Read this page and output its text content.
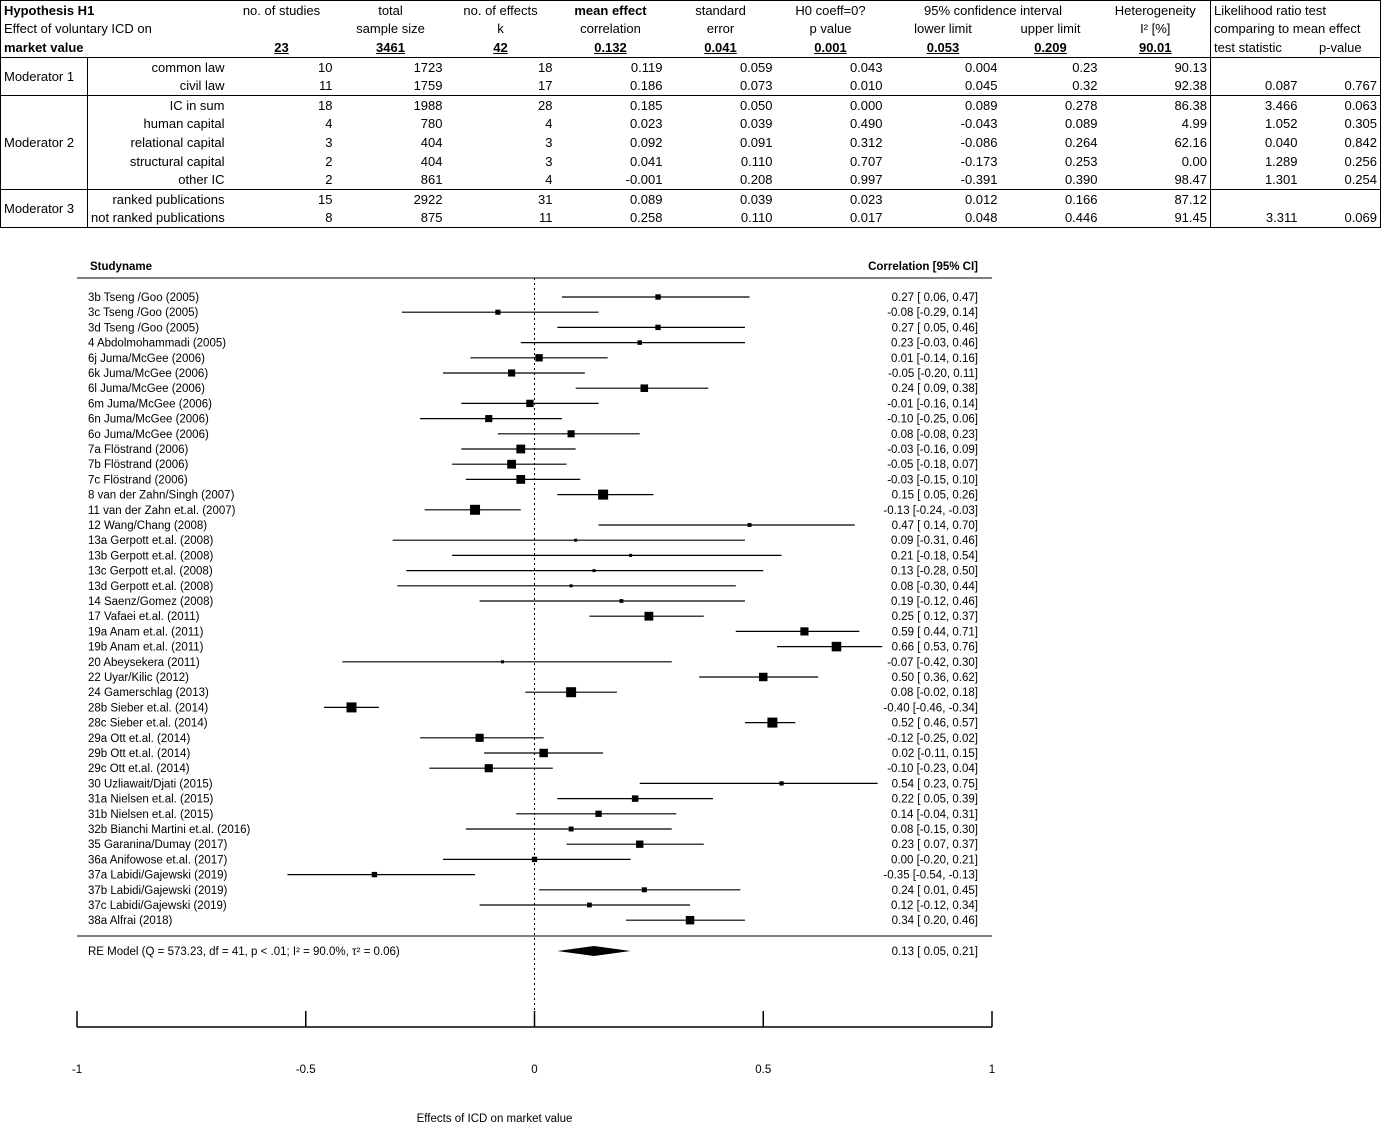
Hypothesis H1		no. of studies	total	no. of effects	mean effect	standard	H0 coeff=0?	95% confidence interval		Heterogeneity	Likelihood ratio test	
Effect of voluntary ICD on			sample size	k	correlation	error	p value	lower limit	upper limit	I² [%]	comparing to mean effect	
market value		23	3461	42	0.132	0.041	0.001	0.053	0.209	90.01	test statistic	p-value
Moderator 1	common law	10	1723	18	0.119	0.059	0.043	0.004	0.23	90.13		
	civil law	11	1759	17	0.186	0.073	0.010	0.045	0.32	92.38	0.087	0.767
Moderator 2	IC in sum	18	1988	28	0.185	0.050	0.000	0.089	0.278	86.38	3.466	0.063
	human capital	4	780	4	0.023	0.039	0.490	-0.043	0.089	4.99	1.052	0.305
	relational capital	3	404	3	0.092	0.091	0.312	-0.086	0.264	62.16	0.040	0.842
	structural capital	2	404	3	0.041	0.110	0.707	-0.173	0.253	0.00	1.289	0.256
	other IC	2	861	4	-0.001	0.208	0.997	-0.391	0.390	98.47	1.301	0.254
Moderator 3	ranked publications	15	2922	31	0.089	0.039	0.023	0.012	0.166	87.12		
	not ranked publications	8	875	11	0.258	0.110	0.017	0.048	0.446	91.45	3.311	0.069
Studyname	Correlation [95% CI]
3b Tseng /Goo (2005)	0.27 [ 0.06, 0.47]
3c Tseng /Goo (2005)	-0.08 [-0.29, 0.14]
3d Tseng /Goo (2005)	0.27 [ 0.05, 0.46]
4 Abdolmohammadi (2005)	0.23 [-0.03, 0.46]
6j Juma/McGee (2006)	0.01 [-0.14, 0.16]
6k Juma/McGee (2006)	-0.05 [-0.20, 0.11]
6l Juma/McGee (2006)	0.24 [ 0.09, 0.38]
6m Juma/McGee (2006)	-0.01 [-0.16, 0.14]
6n Juma/McGee (2006)	-0.10 [-0.25, 0.06]
6o Juma/McGee (2006)	0.08 [-0.08, 0.23]
7a Flöstrand (2006)	-0.03 [-0.16, 0.09]
7b Flöstrand (2006)	-0.05 [-0.18, 0.07]
7c Flöstrand (2006)	-0.03 [-0.15, 0.10]
8 van der Zahn/Singh (2007)	0.15 [ 0.05, 0.26]
11 van der Zahn et.al. (2007)	-0.13 [-0.24, -0.03]
12 Wang/Chang (2008)	0.47 [ 0.14, 0.70]
13a Gerpott et.al. (2008)	0.09 [-0.31, 0.46]
13b Gerpott et.al. (2008)	0.21 [-0.18, 0.54]
13c Gerpott et.al. (2008)	0.13 [-0.28, 0.50]
13d Gerpott et.al. (2008)	0.08 [-0.30, 0.44]
14 Saenz/Gomez (2008)	0.19 [-0.12, 0.46]
17 Vafaei et.al. (2011)	0.25 [ 0.12, 0.37]
19a Anam et.al. (2011)	0.59 [ 0.44, 0.71]
19b Anam et.al. (2011)	0.66 [ 0.53, 0.76]
20 Abeysekera (2011)	-0.07 [-0.42, 0.30]
22 Uyar/Kilic (2012)	0.50 [ 0.36, 0.62]
24 Gamerschlag (2013)	0.08 [-0.02, 0.18]
28b Sieber et.al. (2014)	-0.40 [-0.46, -0.34]
28c Sieber et.al. (2014)	0.52 [ 0.46, 0.57]
29a Ott et.al. (2014)	-0.12 [-0.25, 0.02]
29b Ott et.al. (2014)	0.02 [-0.11, 0.15]
29c Ott et.al. (2014)	-0.10 [-0.23, 0.04]
30 Uzliawait/Djati (2015)	0.54 [ 0.23, 0.75]
31a Nielsen et.al. (2015)	0.22 [ 0.05, 0.39]
31b Nielsen et.al. (2015)	0.14 [-0.04, 0.31]
32b Bianchi Martini et.al. (2016)	0.08 [-0.15, 0.30]
35 Garanina/Dumay (2017)	0.23 [ 0.07, 0.37]
36a Anifowose et.al. (2017)	0.00 [-0.20, 0.21]
37a Labidi/Gajewski (2019)	-0.35 [-0.54, -0.13]
37b Labidi/Gajewski (2019)	0.24 [ 0.01, 0.45]
37c Labidi/Gajewski (2019)	0.12 [-0.12, 0.34]
38a Alfrai (2018)	0.34 [ 0.20, 0.46]
RE Model (Q = 573.23, df = 41, p < .01; I² = 90.0%, τ² = 0.06)	0.13 [ 0.05, 0.21]
-1	-0.5	0	0.5	1
Effects of ICD on market value
